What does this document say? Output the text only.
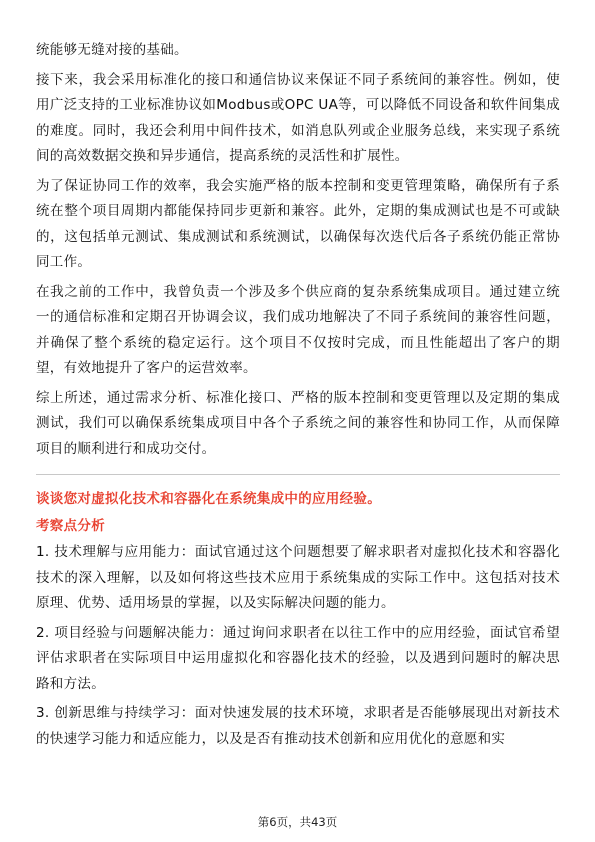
统能够无缝对接的基础。

接下来，我会采用标准化的接口和通信协议来保证不同子系统间的兼容性。例如，使用广泛支持的工业标准协议如Modbus或OPC UA等，可以降低不同设备和软件间集成的难度。同时，我还会利用中间件技术，如消息队列或企业服务总线，来实现子系统间的高效数据交换和异步通信，提高系统的灵活性和扩展性。

为了保证协同工作的效率，我会实施严格的版本控制和变更管理策略，确保所有子系统在整个项目周期内都能保持同步更新和兼容。此外，定期的集成测试也是不可或缺的，这包括单元测试、集成测试和系统测试，以确保每次迭代后各子系统仍能正常协同工作。

在我之前的工作中，我曾负责一个涉及多个供应商的复杂系统集成项目。通过建立统一的通信标准和定期召开协调会议，我们成功地解决了不同子系统间的兼容性问题，并确保了整个系统的稳定运行。这个项目不仅按时完成，而且性能超出了客户的期望，有效地提升了客户的运营效率。

综上所述，通过需求分析、标准化接口、严格的版本控制和变更管理以及定期的集成测试，我们可以确保系统集成项目中各个子系统之间的兼容性和协同工作，从而保障项目的顺利进行和成功交付。

谈谈您对虚拟化技术和容器化在系统集成中的应用经验。

考察点分析

1. 技术理解与应用能力：面试官通过这个问题想要了解求职者对虚拟化技术和容器化技术的深入理解，以及如何将这些技术应用于系统集成的实际工作中。这包括对技术原理、优势、适用场景的掌握，以及实际解决问题的能力。

2. 项目经验与问题解决能力：通过询问求职者在以往工作中的应用经验，面试官希望评估求职者在实际项目中运用虚拟化和容器化技术的经验，以及遇到问题时的解决思路和方法。

3. 创新思维与持续学习：面对快速发展的技术环境，求职者是否能够展现出对新技术的快速学习能力和适应能力，以及是否有推动技术创新和应用优化的意愿和实

第6页，共43页
